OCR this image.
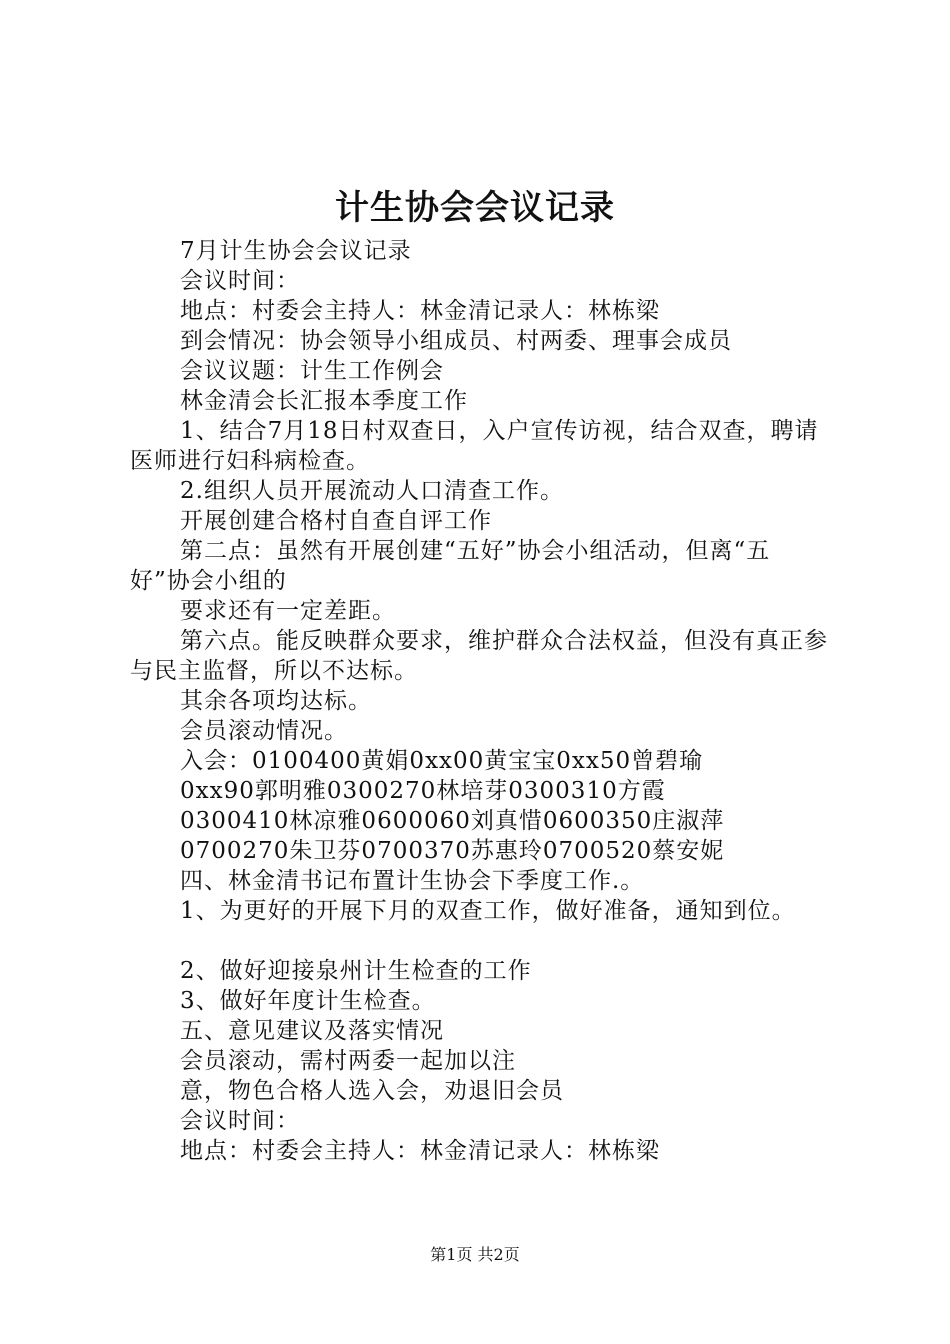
计生协会会议记录

7月计生协会会议记录

会议时间：

地点：村委会主持人：林金清记录人：林栋梁

到会情况：协会领导小组成员、村两委、理事会成员

会议议题：计生工作例会

林金清会长汇报本季度工作

1、结合7月18日村双查日，入户宣传访视，结合双查，聘请医师进行妇科病检查。

2.组织人员开展流动人口清查工作。

开展创建合格村自查自评工作

第二点：虽然有开展创建“五好”协会小组活动，但离“五好”协会小组的

要求还有一定差距。

第六点。能反映群众要求，维护群众合法权益，但没有真正参与民主监督，所以不达标。

其余各项均达标。

会员滚动情况。

入会：0100400黄娟0xx00黄宝宝0xx50曾碧瑜

0xx90郭明雅0300270林培芽0300310方霞

0300410林凉雅0600060刘真惜0600350庄淑萍

0700270朱卫芬0700370苏惠玲0700520蔡安妮

四、林金清书记布置计生协会下季度工作.。

1、为更好的开展下月的双查工作，做好准备，通知到位。

2、做好迎接泉州计生检查的工作

3、做好年度计生检查。

五、意见建议及落实情况

会员滚动，需村两委一起加以注

意，物色合格人选入会，劝退旧会员

会议时间：

地点：村委会主持人：林金清记录人：林栋梁

第1页 共2页
